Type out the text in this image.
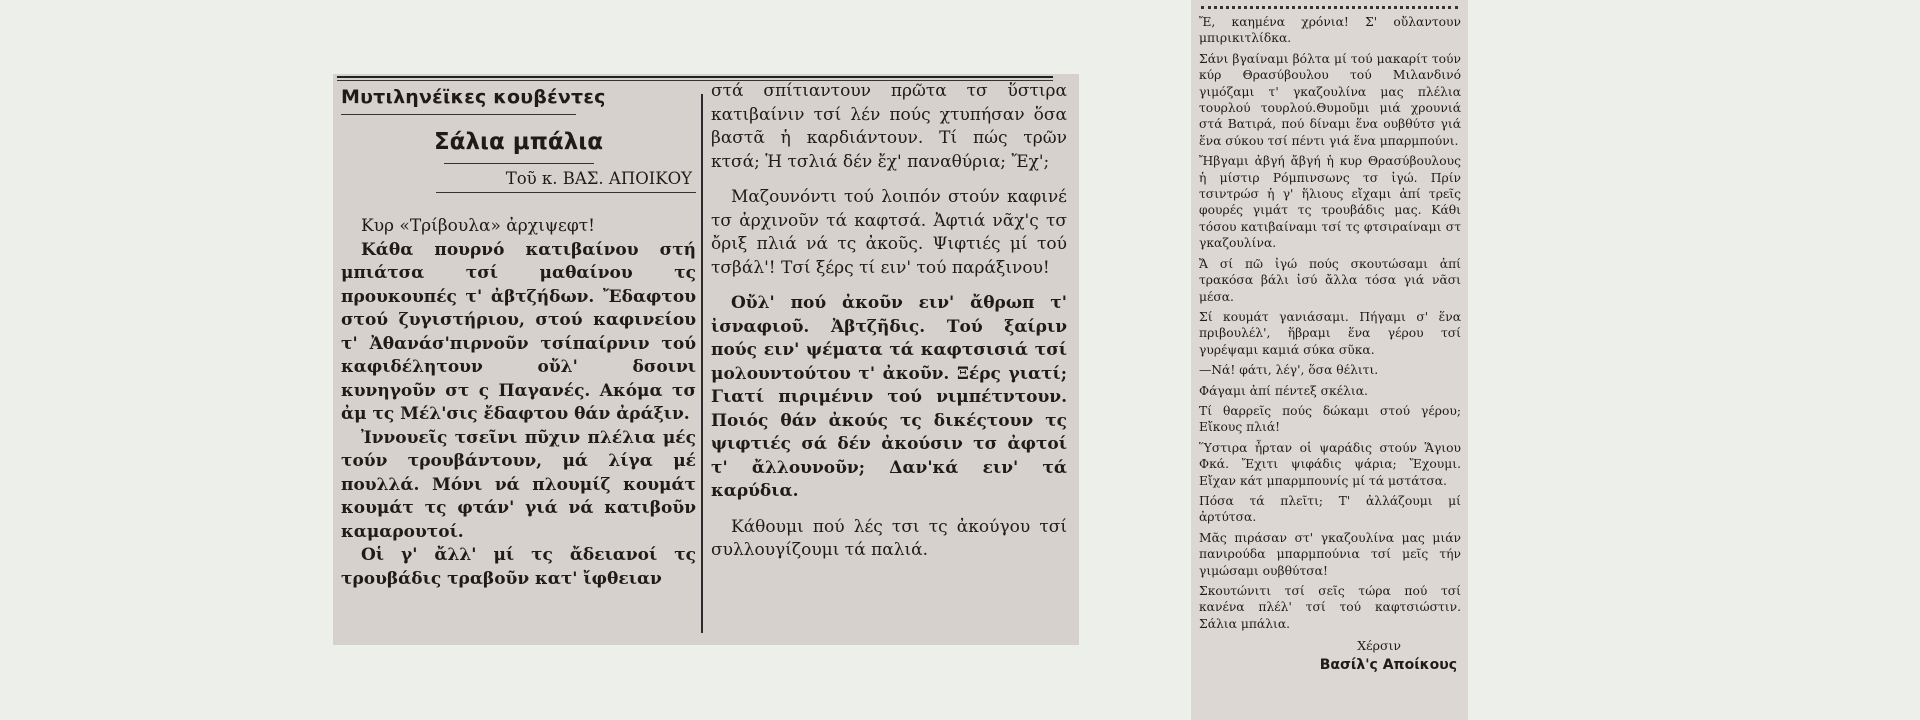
Μυτιληνέϊκες κουβέντες
Σάλια μπάλια
Τοῦ κ. ΒΑΣ. ΑΠΟΙΚΟΥ

Κυρ «Τρίβουλα» ἀρχιψεφτ!

Κάθα πουρνό κατιβαίνου στή μπιάτσα τσί μαθαίνου τς προυκουπές τ' ἀβτζήδων. Ἔδαφτου στού ζυγιστήριου, στού καφινείου τ' Ἀθανάσ'πιρνοῦν τσίπαίρνιν τού καφιδέλητουν οὔλ' δσοινι κυνηγοῦν στ ς Παγανές. Ακόμα τσ ἀμ τς Μέλ'σις ἔδαφτου θάν ἀράξιν.

Ἰννουεῖς τσεῖνι πῦχιν πλέλια μές τούν τρουβάντουν, μά λίγα μέ πουλλά. Μόνι νά πλουμίζ κουμάτ κουμάτ τς φτάν' γιά νά κατιβοῦν καμαρουτοί.

Οἱ γ' ἄλλ' μί τς ἄδειανοί τς τρουβάδις τραβοῦν κατ' ἴφθειαν

στά σπίτιαντουν πρῶτα τσ ὕστιρα κατιβαίνιν τσί λέν πούς χτυπήσαν ὅσα βαστᾶ ἡ καρδιάντουν. Τί πώς τρῶν κτσά; Ἡ τσλιά δέν ἔχ' παναθύρια; Ἔχ';

Μαζουνόντι τού λοιπόν στούν καφινέ τσ ἀρχινοῦν τά καφτσά. Ἀφτιά νᾶχ'ς τσ ὄριξ πλιά νά τς ἀκοῦς. Ψιφτιές μί τού τσβάλ'! Τσί ξέρς τί ειν' τού παράξινου!

Οὔλ' πού ἀκοῦν ειν' ἄθρωπ τ' ἰσναφιοῦ. Ἀβτζῆδις. Τού ξαίριν πούς ειν' ψέματα τά καφτσισιά τσί μολουντούτου τ' ἀκοῦν. Ξέρς γιατί; Γιατί πιριμένιν τού νιμπέτντουν. Ποιός θάν ἀκούς τς δικέςτουν τς ψιφτιές σά δέν ἀκούσιν τσ ἀφτοί τ' ἄλλουνοῦν; Δαν'κά ειν' τά καρύδια.

Κάθουμι πού λές τσι τς ἀκούγου τσί συλλουγίζουμι τά παλιά.

Ἔ, καημένα χρόνια! Σ' οὔλαντουν μπιρικιτλίδκα.

Σάνι βγαίναμι βόλτα μί τού μακαρίτ τούν κύρ Θρασύβουλου τού Μιλανδινό γιμόζαμι τ' γκαζουλίνα μας πλέλια τουρλού τουρλού.Θυμοῦμι μιά χρουνιά στά Βατιρά, πού δίναμι ἕνα ουβθύτσ γιά ἕνα σύκου τσί πέντι γιά ἕνα μπαρμπούνι.

Ἤβγαμι ἀβγή ἄβγή ἡ κυρ Θρασύβουλους ἡ μίστιρ Ρόμπινσωνς τσ ἰγώ. Πρίν τσιντρώσ ἡ γ' ἥλιους εἴχαμι ἀπί τρεῖς φουρές γιμάτ τς τρουβάδις μας. Κάθι τόσου κατιβαίναμι τσί τς φτσιραίναμι στ γκαζουλίνα.

Ἄ σί πῶ ἰγώ πούς σκουτώσαμι ἀπί τρακόσα βάλι ἰσύ ἄλλα τόσα γιά νᾶσι μέσα.

Σί κουμάτ γανιάσαμι. Πήγαμι σ' ἕνα πριβουλέλ', ἥβραμι ἕνα γέρου τσί γυρέψαμι καμιά σύκα σῦκα.

—Νά! φάτι, λέγ', ὅσα θέλιτι.

Φάγαμι ἀπί πέντεξ σκέλια.

Τί θαρρεῖς πούς δώκαμι στού γέρου; Εἴκους πλιά!

Ὕστιρα ἦρταν οἱ ψαράδις στούν Ἅγιου Φκά. Ἔχιτι ψιφάδις ψάρια; Ἔχουμι. Εἴχαν κάτ μπαρμπουνίς μί τά μστάτσα.

Πόσα τά πλεῖτι; Τ' ἀλλάζουμι μί ἀρτύτσα.

Μᾶς πιράσαν στ' γκαζουλίνα μας μιάν πανιρούδα μπαρμπούνια τσί μεῖς τήν γιμώσαμι ουβθύτσα!

Σκουτώνιτι τσί σεῖς τώρα πού τσί κανένα πλέλ' τσί τού καφτσιώστιν. Σάλια μπάλια.

Χέρσιν
Βασίλ'ς Αποίκους
